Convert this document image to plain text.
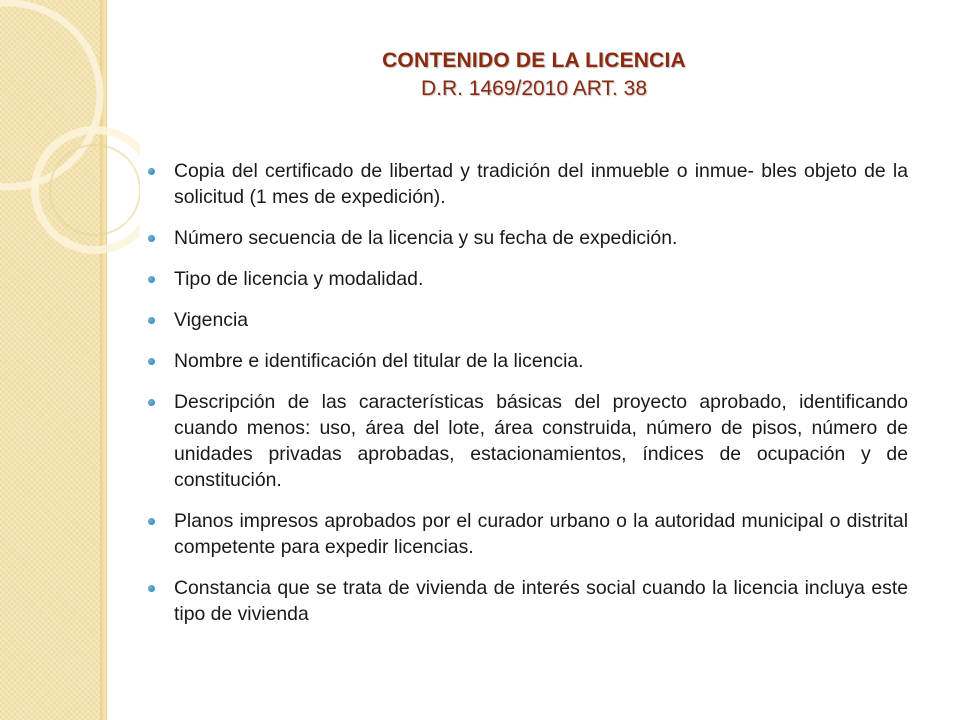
CONTENIDO DE LA LICENCIA
D.R. 1469/2010 ART. 38
Copia del certificado de libertad y tradición del inmueble o inmue- bles objeto de la solicitud (1 mes de expedición).
Número secuencia de la licencia y su fecha de expedición.
Tipo de licencia y modalidad.
Vigencia
Nombre e identificación del titular de la licencia.
Descripción de las características básicas del proyecto aprobado, identificando cuando menos: uso, área del lote, área construida, número de pisos, número de unidades privadas aprobadas, estacionamientos, índices de ocupación y de constitución.
Planos impresos aprobados por el curador urbano o la autoridad municipal o distrital competente para expedir licencias.
Constancia que se trata de vivienda de interés social cuando la licencia incluya este tipo de vivienda
